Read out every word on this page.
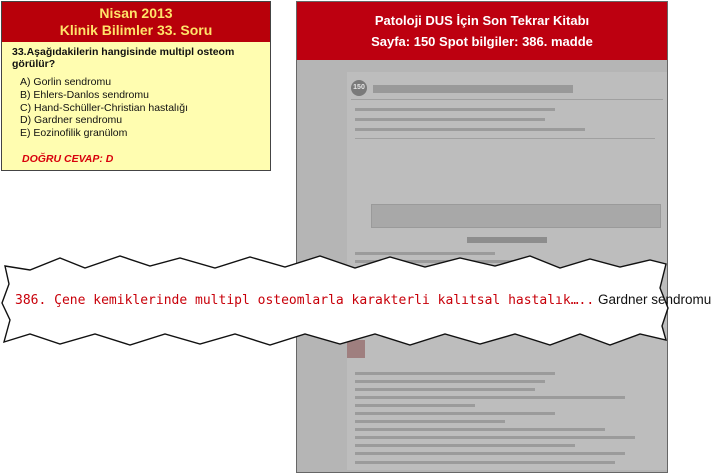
Nisan 2013
Klinik Bilimler 33. Soru
33.Aşağıdakilerin hangisinde multipl osteom görülür?
A) Gorlin sendromu
B) Ehlers-Danlos sendromu
C) Hand-Schüller-Christian hastalığı
D) Gardner sendromu
E) Eozinofilik granülom
DOĞRU CEVAP: D
Patoloji DUS İçin Son Tekrar Kitabı
Sayfa: 150 Spot bilgiler: 386. madde
150
386. Çene kemiklerinde multipl osteomlarla karakterli kalıtsal hastalık….. Gardner sendromu
